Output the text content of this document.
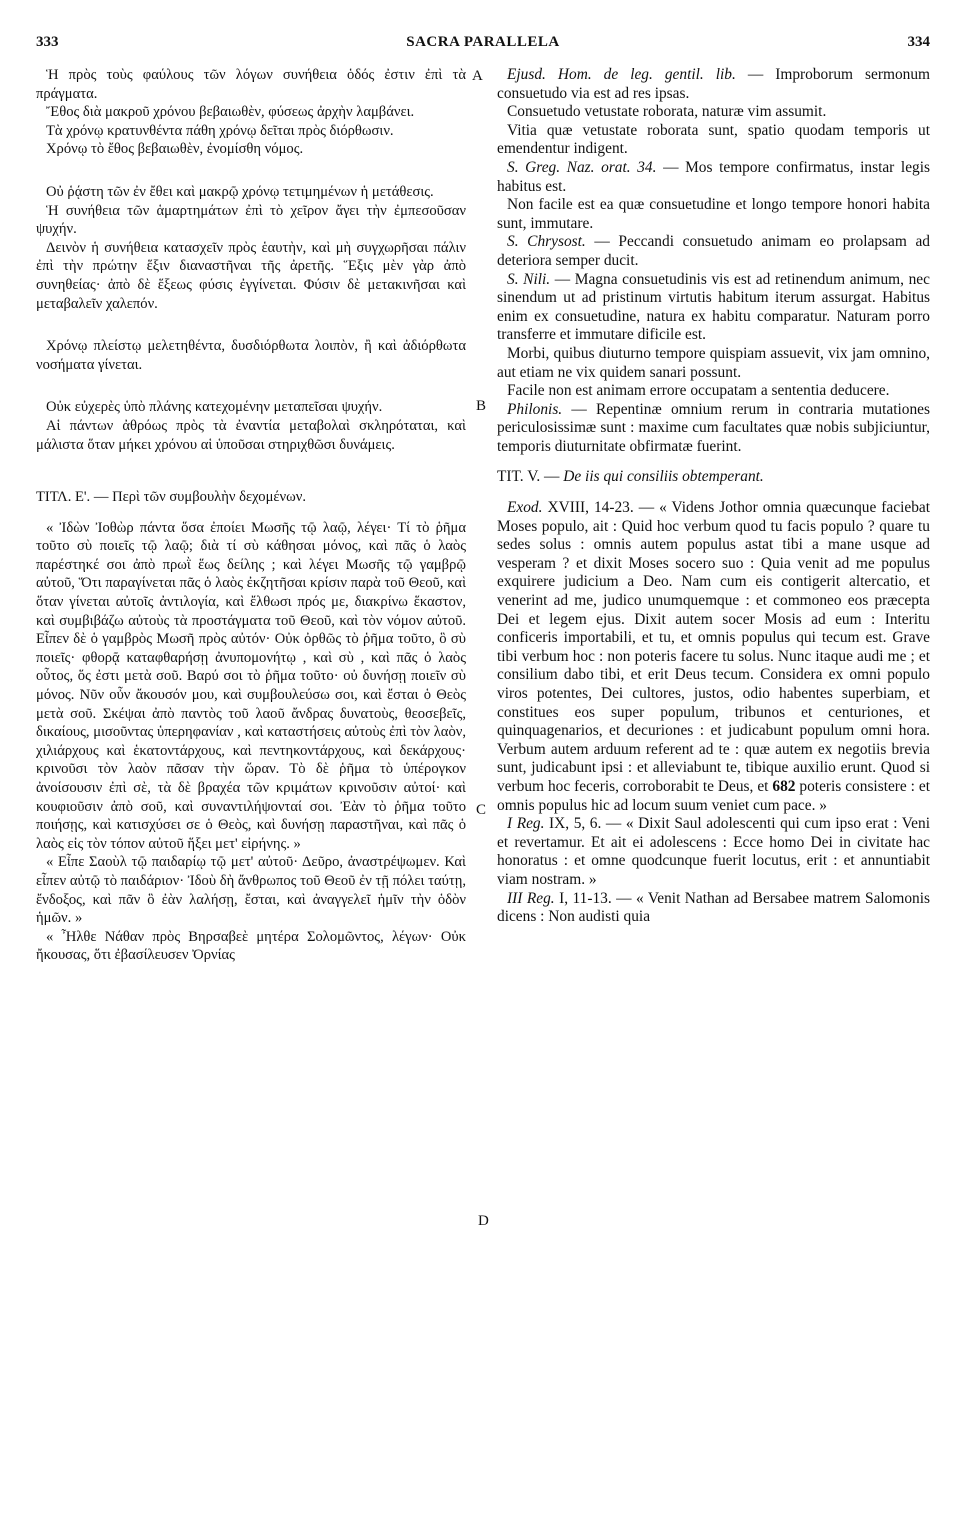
333	SACRA PARALLELA	334
A
B
C
D

Ἡ πρὸς τοὺς φαύλους τῶν λόγων συνήθεια ὁδός ἐστιν ἐπὶ τὰ πράγματα.

Ἔθος διὰ μακροῦ χρόνου βεβαιωθὲν, φύσεως ἀρχὴν λαμβάνει.

Τὰ χρόνῳ κρατυνθέντα πάθη χρόνῳ δεῖται πρὸς διόρθωσιν.

Χρόνῳ τὸ ἔθος βεβαιωθὲν, ἐνομίσθη νόμος.

Οὐ ῥᾴστη τῶν ἐν ἔθει καὶ μακρῷ χρόνῳ τετιμημένων ἡ μετάθεσις.

Ἡ συνήθεια τῶν ἁμαρτημάτων ἐπὶ τὸ χεῖρον ἄγει τὴν ἐμπεσοῦσαν ψυχήν.

Δεινὸν ἡ συνήθεια κατασχεῖν πρὸς ἑαυτὴν, καὶ μὴ συγχωρῆσαι πάλιν ἐπὶ τὴν πρώτην ἕξιν διαναστῆναι τῆς ἀρετῆς. Ἕξις μὲν γὰρ ἀπὸ συνηθείας· ἀπὸ δὲ ἕξεως φύσις ἐγγίνεται. Φύσιν δὲ μετακινῆσαι καὶ μεταβαλεῖν χαλεπόν.

Χρόνῳ πλείστῳ μελετηθέντα, δυσδιόρθωτα λοιπὸν, ἢ καὶ ἀδιόρθωτα νοσήματα γίνεται.

Οὐκ εὐχερὲς ὑπὸ πλάνης κατεχομένην μεταπεῖσαι ψυχήν.

Αἱ πάντων ἀθρόως πρὸς τὰ ἐναντία μεταβολαὶ σκληρόταται, καὶ μάλιστα ὅταν μήκει χρόνου αἱ ὑποῦσαι στηριχθῶσι δυνάμεις.

ΤΙΤΛ. Ε'. — Περὶ τῶν συμβουλὴν δεχομένων.

« Ἰδὼν Ἰοθὼρ πάντα ὅσα ἐποίει Μωσῆς τῷ λαῷ, λέγει· Τί τὸ ῥῆμα τοῦτο σὺ ποιεῖς τῷ λαῷ; διὰ τί σὺ κάθησαι μόνος, καὶ πᾶς ὁ λαὸς παρέστηκέ σοι ἀπὸ πρωῒ ἕως δείλης ; καὶ λέγει Μωσῆς τῷ γαμβρῷ αὐτοῦ, Ὅτι παραγίνεται πᾶς ὁ λαὸς ἐκζητῆσαι κρίσιν παρὰ τοῦ Θεοῦ, καὶ ὅταν γίνεται αὐτοῖς ἀντιλογία, καὶ ἔλθωσι πρός με, διακρίνω ἕκαστον, καὶ συμβιβάζω αὐτοὺς τὰ προστάγματα τοῦ Θεοῦ, καὶ τὸν νόμον αὐτοῦ. Εἶπεν δὲ ὁ γαμβρὸς Μωσῆ πρὸς αὐτόν· Οὐκ ὀρθῶς τὸ ῥῆμα τοῦτο, ὃ σὺ ποιεῖς· φθορᾷ καταφθαρήσῃ ἀνυπομονήτῳ , καὶ σὺ , καὶ πᾶς ὁ λαὸς οὗτος, ὅς ἐστι μετὰ σοῦ. Βαρύ σοι τὸ ῥῆμα τοῦτο· οὐ δυνήσῃ ποιεῖν σὺ μόνος. Νῦν οὖν ἄκουσόν μου, καὶ συμβουλεύσω σοι, καὶ ἔσται ὁ Θεὸς μετὰ σοῦ. Σκέψαι ἀπὸ παντὸς τοῦ λαοῦ ἄνδρας δυνατοὺς, θεοσεβεῖς, δικαίους, μισοῦντας ὑπερηφανίαν , καὶ καταστήσεις αὐτοὺς ἐπὶ τὸν λαὸν, χιλιάρχους καὶ ἑκατοντάρχους, καὶ πεντηκοντάρχους, καὶ δεκάρχους· κρινοῦσι τὸν λαὸν πᾶσαν τὴν ὥραν. Τὸ δὲ ῥῆμα τὸ ὑπέρογκον ἀνοίσουσιν ἐπὶ σὲ, τὰ δὲ βραχέα τῶν κριμάτων κρινοῦσιν αὐτοί· καὶ κουφιοῦσιν ἀπὸ σοῦ, καὶ συναντιλήψονταί σοι. Ἐὰν τὸ ῥῆμα τοῦτο ποιήσῃς, καὶ κατισχύσει σε ὁ Θεὸς, καὶ δυνήσῃ παραστῆναι, καὶ πᾶς ὁ λαὸς εἰς τὸν τόπον αὐτοῦ ἥξει μετ' εἰρήνης. »

« Εἶπε Σαοὺλ τῷ παιδαρίῳ τῷ μετ' αὐτοῦ· Δεῦρο, ἀναστρέψωμεν. Καὶ εἶπεν αὐτῷ τὸ παιδάριον· Ἰδοὺ δὴ ἄνθρωπος τοῦ Θεοῦ ἐν τῇ πόλει ταύτῃ, ἔνδοξος, καὶ πᾶν ὃ ἐὰν λαλήσῃ, ἔσται, καὶ ἀναγγελεῖ ἡμῖν τὴν ὁδὸν ἡμῶν. »

« Ἦλθε Νάθαν πρὸς Βηρσαβεὲ μητέρα Σολομῶντος, λέγων· Οὐκ ἤκουσας, ὅτι ἐβασίλευσεν Ὀρνίας

Ejusd. Hom. de leg. gentil. lib. — Improborum sermonum consuetudo via est ad res ipsas.

Consuetudo vetustate roborata, naturæ vim assumit.

Vitia quæ vetustate roborata sunt, spatio quodam temporis ut emendentur indigent.

S. Greg. Naz. orat. 34. — Mos tempore confirmatus, instar legis habitus est.

Non facile est ea quæ consuetudine et longo tempore honori habita sunt, immutare.

S. Chrysost. — Peccandi consuetudo animam eo prolapsam ad deteriora semper ducit.

S. Nili. — Magna consuetudinis vis est ad retinendum animum, nec sinendum ut ad pristinum virtutis habitum iterum assurgat. Habitus enim ex consuetudine, natura ex habitu comparatur. Naturam porro transferre et immutare dificile est.

Morbi, quibus diuturno tempore quispiam assuevit, vix jam omnino, aut etiam ne vix quidem sanari possunt.

Facile non est animam errore occupatam a sententia deducere.

Philonis. — Repentinæ omnium rerum in contraria mutationes periculosissimæ sunt : maxime cum facultates quæ nobis subjiciuntur, temporis diuturnitate obfirmatæ fuerint.

TIT. V. — De iis qui consiliis obtemperant.

Exod. XVIII, 14-23. — « Videns Jothor omnia quæcunque faciebat Moses populo, ait : Quid hoc verbum quod tu facis populo ? quare tu sedes solus : omnis autem populus astat tibi a mane usque ad vesperam ? et dixit Moses socero suo : Quia venit ad me populus exquirere judicium a Deo. Nam cum eis contigerit altercatio, et venerint ad me, judico unumquemque : et commoneo eos præcepta Dei et legem ejus. Dixit autem socer Mosis ad eum : Interitu conficeris importabili, et tu, et omnis populus qui tecum est. Grave tibi verbum hoc : non poteris facere tu solus. Nunc itaque audi me ; et consilium dabo tibi, et erit Deus tecum. Considera ex omni populo viros potentes, Dei cultores, justos, odio habentes superbiam, et constitues eos super populum, tribunos et centuriones, et quinquagenarios, et decuriones : et judicabunt populum omni hora. Verbum autem arduum referent ad te : quæ autem ex negotiis brevia sunt, judicabunt ipsi : et alleviabunt te, tibique auxilio erunt. Quod si verbum hoc feceris, corroborabit te Deus, et 682 poteris consistere : et omnis populus hic ad locum suum veniet cum pace. »

I Reg. IX, 5, 6. — « Dixit Saul adolescenti qui cum ipso erat : Veni et revertamur. Et ait ei adolescens : Ecce homo Dei in civitate hac honoratus : et omne quodcunque fuerit locutus, erit : et annuntiabit viam nostram. »

III Reg. I, 11-13. — « Venit Nathan ad Bersabee matrem Salomonis dicens : Non audisti quia
